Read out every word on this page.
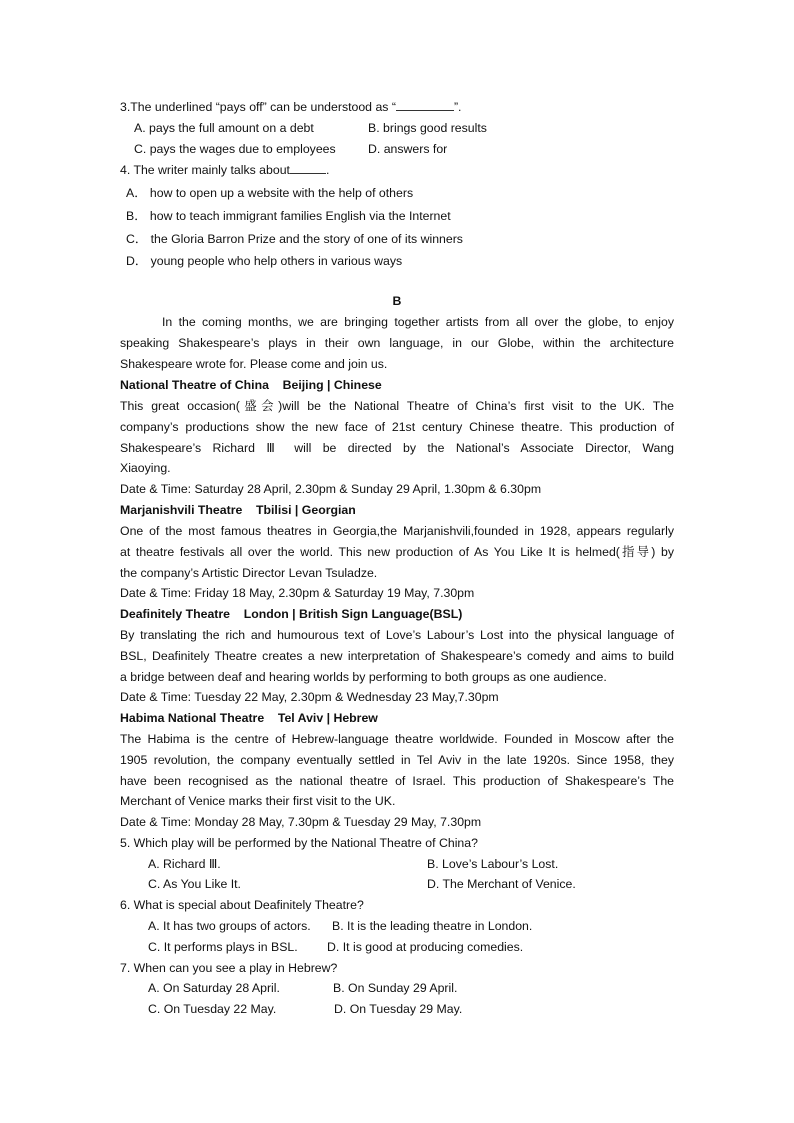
3.The underlined “pays off” can be understood as “	”.
A. pays the full amount on a debt	B. brings good results
C. pays the wages due to employees	D. answers for
4. The writer mainly talks about	.
A． how to open up a website with the help of others
B． how to teach immigrant families English via the Internet
C． the Gloria Barron Prize and the story of one of its winners
D． young people who help others in various ways
B
In the coming months, we are bringing together artists from all over the globe, to enjoy
speaking Shakespeare’s plays in their own language, in our Globe, within the architecture
Shakespeare wrote for. Please come and join us.
National Theatre of China    Beijing | Chinese
This great occasion(盛会)will be the National Theatre of China’s first visit to the UK. The
company’s productions show the new face of 21st century Chinese theatre. This production of
Shakespeare’s Richard Ⅲ will be directed by the National’s Associate Director, Wang
Xiaoying.
Date & Time: Saturday 28 April, 2.30pm & Sunday 29 April, 1.30pm & 6.30pm
Marjanishvili Theatre    Tbilisi | Georgian
One of the most famous theatres in Georgia,the Marjanishvili,founded in 1928, appears regularly
at theatre festivals all over the world. This new production of As You Like It is helmed(指导) by
the company’s Artistic Director Levan Tsuladze.
Date & Time: Friday 18 May, 2.30pm & Saturday 19 May, 7.30pm
Deafinitely Theatre    London | British Sign Language(BSL)
By translating the rich and humourous text of Love’s Labour’s Lost into the physical language of
BSL, Deafinitely Theatre creates a new interpretation of Shakespeare’s comedy and aims to build
a bridge between deaf and hearing worlds by performing to both groups as one audience.
Date & Time: Tuesday 22 May, 2.30pm & Wednesday 23 May,7.30pm
Habima National Theatre    Tel Aviv | Hebrew
The Habima is the centre of Hebrew-language theatre worldwide. Founded in Moscow after the
1905 revolution, the company eventually settled in Tel Aviv in the late 1920s. Since 1958, they
have been recognised as the national theatre of Israel. This production of Shakespeare’s The
Merchant of Venice marks their first visit to the UK.
Date & Time: Monday 28 May, 7.30pm & Tuesday 29 May, 7.30pm
5. Which play will be performed by the National Theatre of China?
A. Richard Ⅲ.	B. Love’s Labour’s Lost.
C. As You Like It.	D. The Merchant of Venice.
6. What is special about Deafinitely Theatre?
A. It has two groups of actors. B. It is the leading theatre in London.
C. It performs plays in BSL. D. It is good at producing comedies.
7. When can you see a play in Hebrew?
A. On Saturday 28 April.	B. On Sunday 29 April.
C. On Tuesday 22 May.	D. On Tuesday 29 May.
